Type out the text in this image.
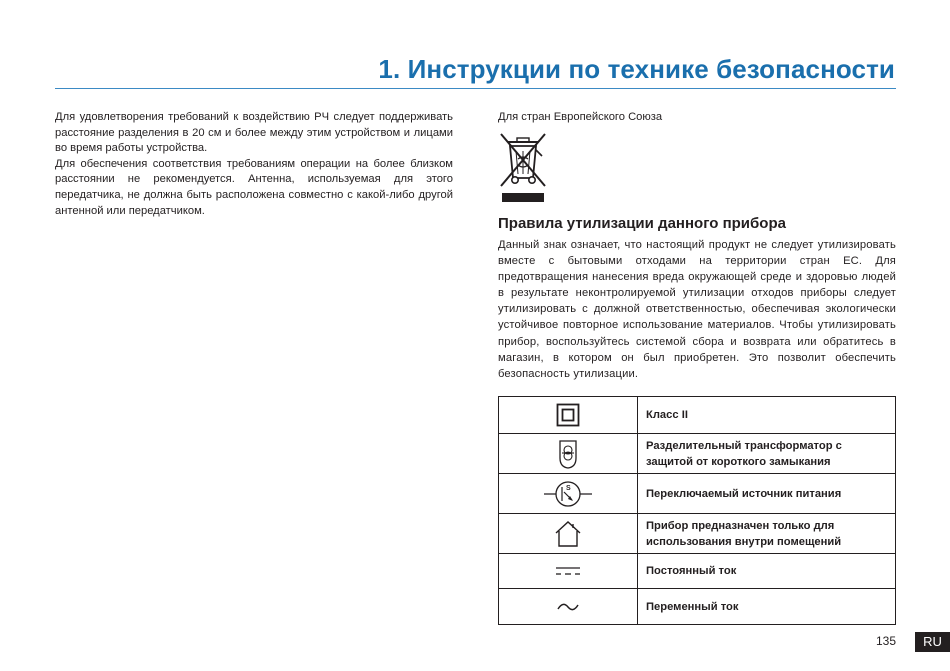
1. Инструкции по технике безопасности

Для удовлетворения требований к воздействию РЧ следует поддерживать расстояние разделения в 20 см и более между этим устройством и лицами во время работы устройства.

Для обеспечения соответствия требованиям операции на более близком расстоянии не рекомендуется. Антенна, используемая для этого передатчика, не должна быть расположена совместно с какой-либо другой антенной или передатчиком.

Для стран Европейского Союза
Правила утилизации данного прибора

Данный знак означает, что настоящий продукт не следует утилизировать вместе с бытовыми отходами на территории стран ЕС. Для предотвращения нанесения вреда окружающей среде и здоровью людей в результате неконтролируемой утилизации отходов приборы следует утилизировать с должной ответственностью, обеспечивая экологически устойчивое повторное использование материалов. Чтобы утилизировать прибор, воспользуйтесь системой сбора и возврата или обратитесь в магазин, в котором он был приобретен. Это позволит обеспечить безопасность утилизации.

	Класс II

	Разделительный трансформатор с защитой от короткого замыкания

S	Переключаемый источник питания

	Прибор предназначен только для использования внутри помещений

	Постоянный ток

	Переменный ток
135	RU
